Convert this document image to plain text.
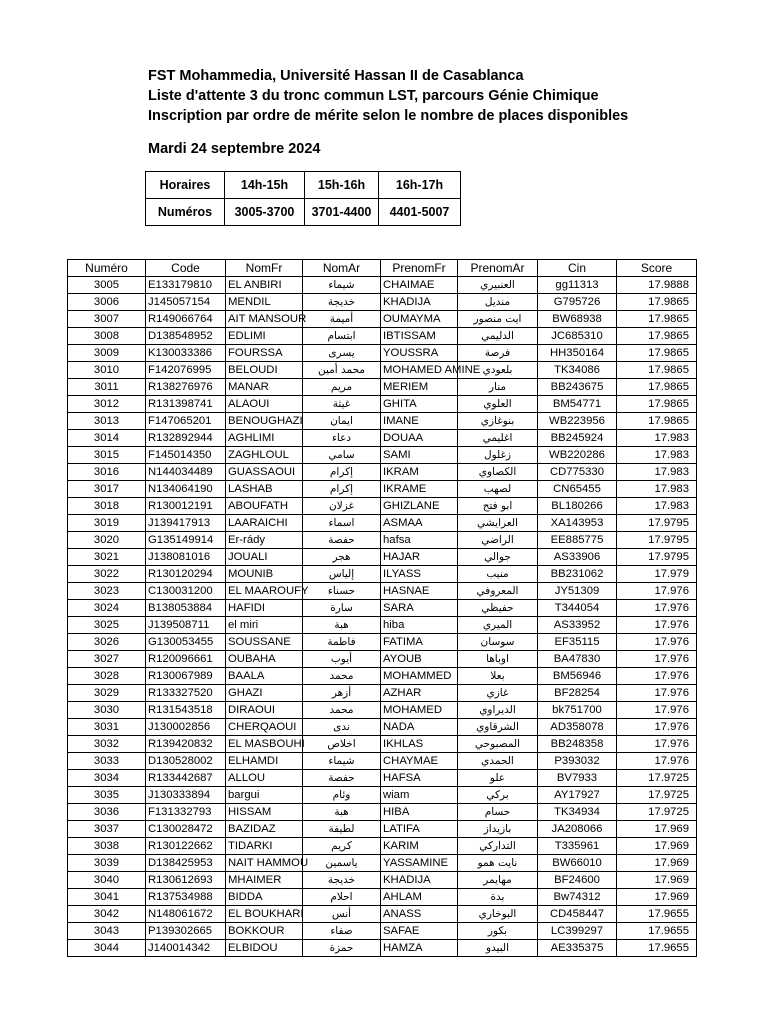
FST Mohammedia, Université Hassan II de Casablanca
Liste d'attente 3 du tronc commun LST, parcours Génie Chimique
Inscription par ordre de mérite selon le nombre de places disponibles
Mardi 24 septembre 2024
Horaires	14h-15h	15h-16h	16h-17h
Numéros	3005-3700	3701-4400	4401-5007
Numéro	Code	NomFr	NomAr	PrenomFr	PrenomAr	Cin	Score
3005	E133179810	EL ANBIRI	شيماء	CHAIMAE	العنبيري	gg11313	17.9888
3006	J145057154	MENDIL	خديجة	KHADIJA	منديل	G795726	17.9865
3007	R149066764	AIT MANSOUR	أميمة	OUMAYMA	ايت منصور	BW68938	17.9865
3008	D138548952	EDLIMI	ابتسام	IBTISSAM	الدليمي	JC685310	17.9865
3009	K130033386	FOURSSA	يسرى	YOUSSRA	فرصة	HH350164	17.9865
3010	F142076995	BELOUDI	محمد أمين	MOHAMED AMINE	بلعودي	TK34086	17.9865
3011	R138276976	MANAR	مريم	MERIEM	منار	BB243675	17.9865
3012	R131398741	ALAOUI	غيثة	GHITA	العلوي	BM54771	17.9865
3013	F147065201	BENOUGHAZI	ايمان	IMANE	بنوغازي	WB223956	17.9865
3014	R132892944	AGHLIMI	دعاء	DOUAA	اغليمي	BB245924	17.983
3015	F145014350	ZAGHLOUL	سامي	SAMI	زغلول	WB220286	17.983
3016	N144034489	GUASSAOUI	إكرام	IKRAM	الكصاوي	CD775330	17.983
3017	N134064190	LASHAB	إكرام	IKRAME	لصهب	CN65455	17.983
3018	R130012191	ABOUFATH	غزلان	GHIZLANE	ابو فتح	BL180266	17.983
3019	J139417913	LAARAICHI	اسماء	ASMAA	العرايشي	XA143953	17.9795
3020	G135149914	Er-rády	حفصة	hafsa	الراضي	EE885775	17.9795
3021	J138081016	JOUALI	هجر	HAJAR	جوالي	AS33906	17.9795
3022	R130120294	MOUNIB	إلياس	ILYASS	منيب	BB231062	17.979
3023	C130031200	EL MAAROUFY	حسناء	HASNAE	المعروفي	JY51309	17.976
3024	B138053884	HAFIDI	سارة	SARA	حفيظي	T344054	17.976
3025	J139508711	el miri	هبة	hiba	الميري	AS33952	17.976
3026	G130053455	SOUSSANE	فاطمة	FATIMA	سوسان	EF35115	17.976
3027	R120096661	OUBAHA	أيوب	AYOUB	اوباها	BA47830	17.976
3028	R130067989	BAALA	محمد	MOHAMMED	بعلا	BM56946	17.976
3029	R133327520	GHAZI	أزهر	AZHAR	غازي	BF28254	17.976
3030	R131543518	DIRAOUI	محمد	MOHAMED	الديراوي	bk751700	17.976
3031	J130002856	CHERQAOUI	ندى	NADA	الشرقاوي	AD358078	17.976
3032	R139420832	EL MASBOUHI	اخلاص	IKHLAS	المصبوحي	BB248358	17.976
3033	D130528002	ELHAMDI	شيماء	CHAYMAE	الحمدي	P393032	17.976
3034	R133442687	ALLOU	حفصة	HAFSA	علو	BV7933	17.9725
3035	J130333894	bargui	وئام	wiam	بركي	AY17927	17.9725
3036	F131332793	HISSAM	هبة	HIBA	حسام	TK34934	17.9725
3037	C130028472	BAZIDAZ	لطيفة	LATIFA	بازيداز	JA208066	17.969
3038	R130122662	TIDARKI	كريم	KARIM	التداركي	T335961	17.969
3039	D138425953	NAIT HAMMOU	ياسمين	YASSAMINE	نايت همو	BW66010	17.969
3040	R130612693	MHAIMER	خديجة	KHADIJA	مهايمر	BF24600	17.969
3041	R137534988	BIDDA	احلام	AHLAM	بدة	Bw74312	17.969
3042	N148061672	EL BOUKHARI	أنس	ANASS	البوخاري	CD458447	17.9655
3043	P139302665	BOKKOUR	صفاء	SAFAE	بكور	LC399297	17.9655
3044	J140014342	ELBIDOU	حمزة	HAMZA	البيدو	AE335375	17.9655
